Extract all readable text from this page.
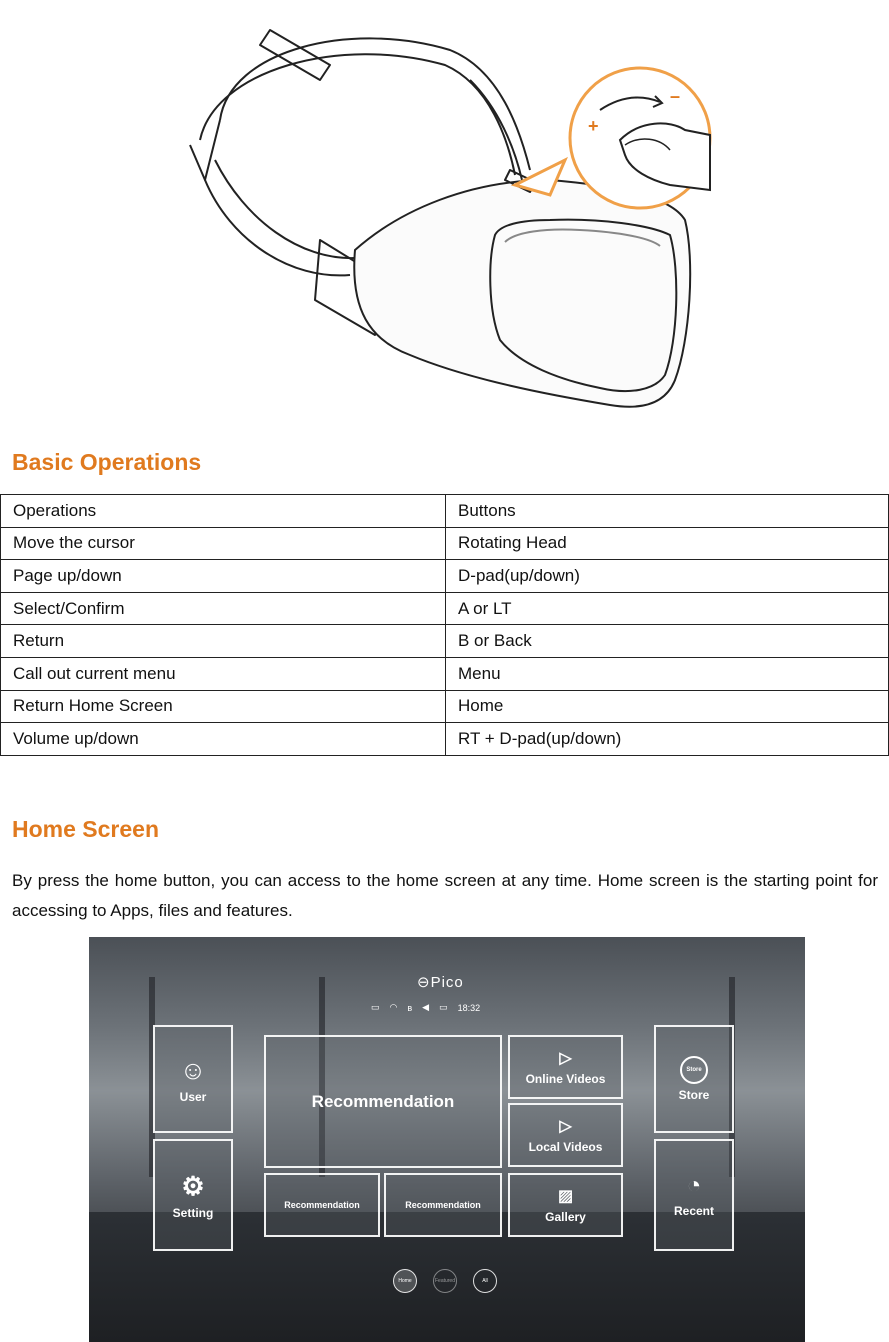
+
–
Basic Operations
Operations	Buttons
Move the cursor	Rotating Head
Page up/down	D-pad(up/down)
Select/Confirm	A or LT
Return	B or Back
Call out current menu	Menu
Return Home Screen	Home
Volume up/down	RT + D-pad(up/down)
Home Screen
By press the home button, you can access to the home screen at any time. Home screen is the starting point for accessing to Apps, files and features.
⊖Pico
▭ ◠ ʙ ◀ ▭ 18:32
☺
User
⚙
Setting
Recommendation
Recommendation	Recommendation
▷
Online Videos
▷
Local Videos
▨
Gallery
Store
Store
◔
Recent
Home	Featured	All
